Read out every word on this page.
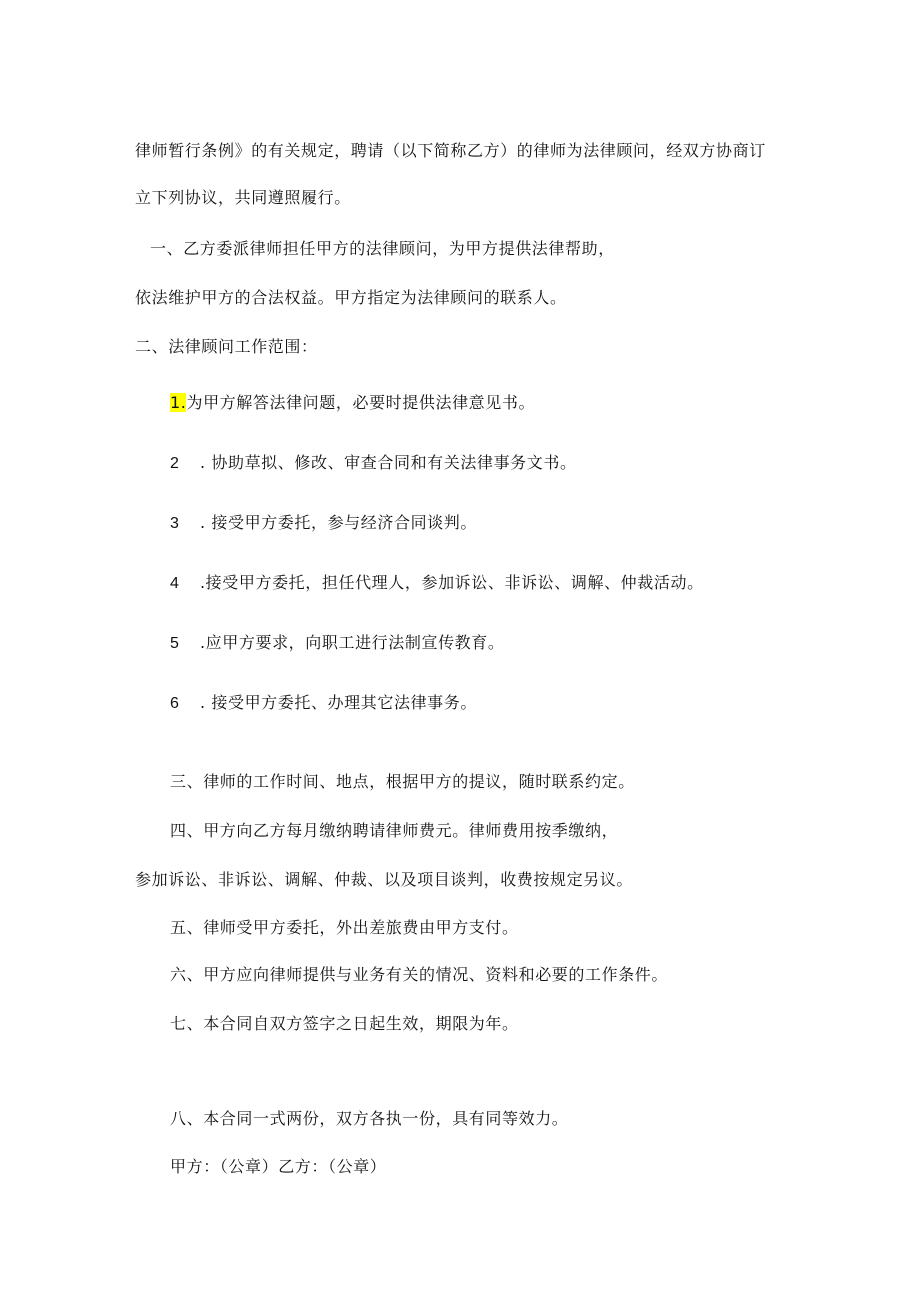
律师暂行条例》的有关规定，聘请（以下简称乙方）的律师为法律顾问，经双方协商订
立下列协议，共同遵照履行。
一、乙方委派律师担任甲方的法律顾问，为甲方提供法律帮助，
依法维护甲方的合法权益。甲方指定为法律顾问的联系人。
二、法律顾问工作范围：
1.为甲方解答法律问题，必要时提供法律意见书。
2 . 协助草拟、修改、审查合同和有关法律事务文书。
3 . 接受甲方委托，参与经济合同谈判。
4 .接受甲方委托，担任代理人，参加诉讼、非诉讼、调解、仲裁活动。
5 .应甲方要求，向职工进行法制宣传教育。
6 . 接受甲方委托、办理其它法律事务。
三、律师的工作时间、地点，根据甲方的提议，随时联系约定。
四、甲方向乙方每月缴纳聘请律师费元。律师费用按季缴纳，
参加诉讼、非诉讼、调解、仲裁、以及项目谈判，收费按规定另议。
五、律师受甲方委托，外出差旅费由甲方支付。
六、甲方应向律师提供与业务有关的情况、资料和必要的工作条件。
七、本合同自双方签字之日起生效，期限为年。
八、本合同一式两份，双方各执一份，具有同等效力。
甲方：（公章）乙方：（公章）
